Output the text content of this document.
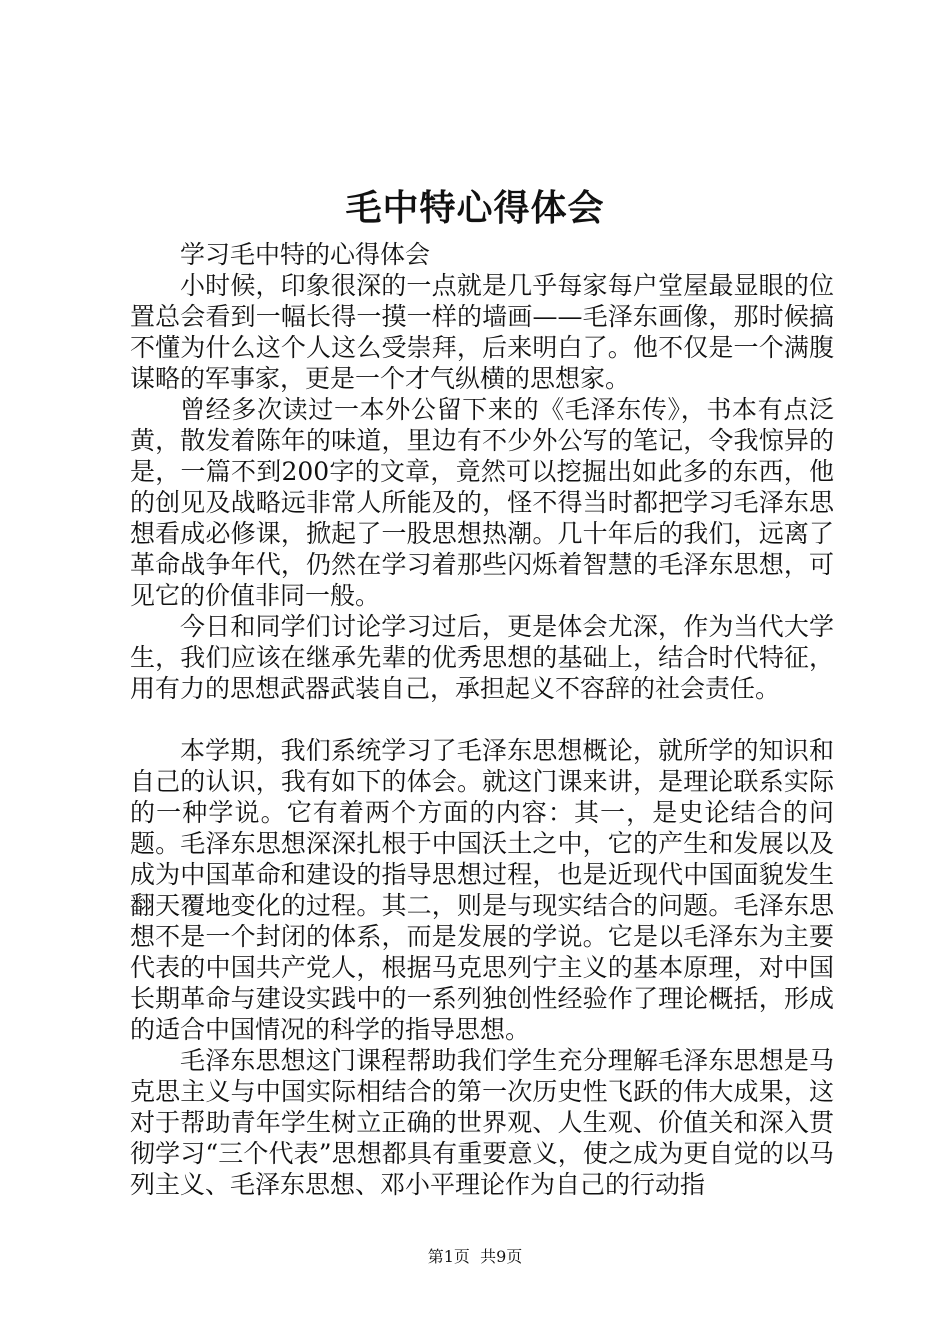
毛中特心得体会

学习毛中特的心得体会

小时候，印象很深的一点就是几乎每家每户堂屋最显眼的位置总会看到一幅长得一摸一样的墙画——毛泽东画像，那时候搞不懂为什么这个人这么受崇拜，后来明白了。他不仅是一个满腹谋略的军事家，更是一个才气纵横的思想家。

曾经多次读过一本外公留下来的《毛泽东传》，书本有点泛黄，散发着陈年的味道，里边有不少外公写的笔记，令我惊异的是，一篇不到200字的文章，竟然可以挖掘出如此多的东西，他的创见及战略远非常人所能及的，怪不得当时都把学习毛泽东思想看成必修课，掀起了一股思想热潮。几十年后的我们，远离了革命战争年代，仍然在学习着那些闪烁着智慧的毛泽东思想，可见它的价值非同一般。

今日和同学们讨论学习过后，更是体会尤深，作为当代大学生，我们应该在继承先辈的优秀思想的基础上，结合时代特征，用有力的思想武器武装自己，承担起义不容辞的社会责任。

本学期，我们系统学习了毛泽东思想概论，就所学的知识和自己的认识，我有如下的体会。就这门课来讲，是理论联系实际的一种学说。它有着两个方面的内容：其一，是史论结合的问题。毛泽东思想深深扎根于中国沃土之中，它的产生和发展以及成为中国革命和建设的指导思想过程，也是近现代中国面貌发生翻天覆地变化的过程。其二，则是与现实结合的问题。毛泽东思想不是一个封闭的体系，而是发展的学说。它是以毛泽东为主要代表的中国共产党人，根据马克思列宁主义的基本原理，对中国长期革命与建设实践中的一系列独创性经验作了理论概括，形成的适合中国情况的科学的指导思想。

毛泽东思想这门课程帮助我们学生充分理解毛泽东思想是马克思主义与中国实际相结合的第一次历史性飞跃的伟大成果，这对于帮助青年学生树立正确的世界观、人生观、价值关和深入贯彻学习“三个代表”思想都具有重要意义，使之成为更自觉的以马列主义、毛泽东思想、邓小平理论作为自己的行动指

第1页  共9页
